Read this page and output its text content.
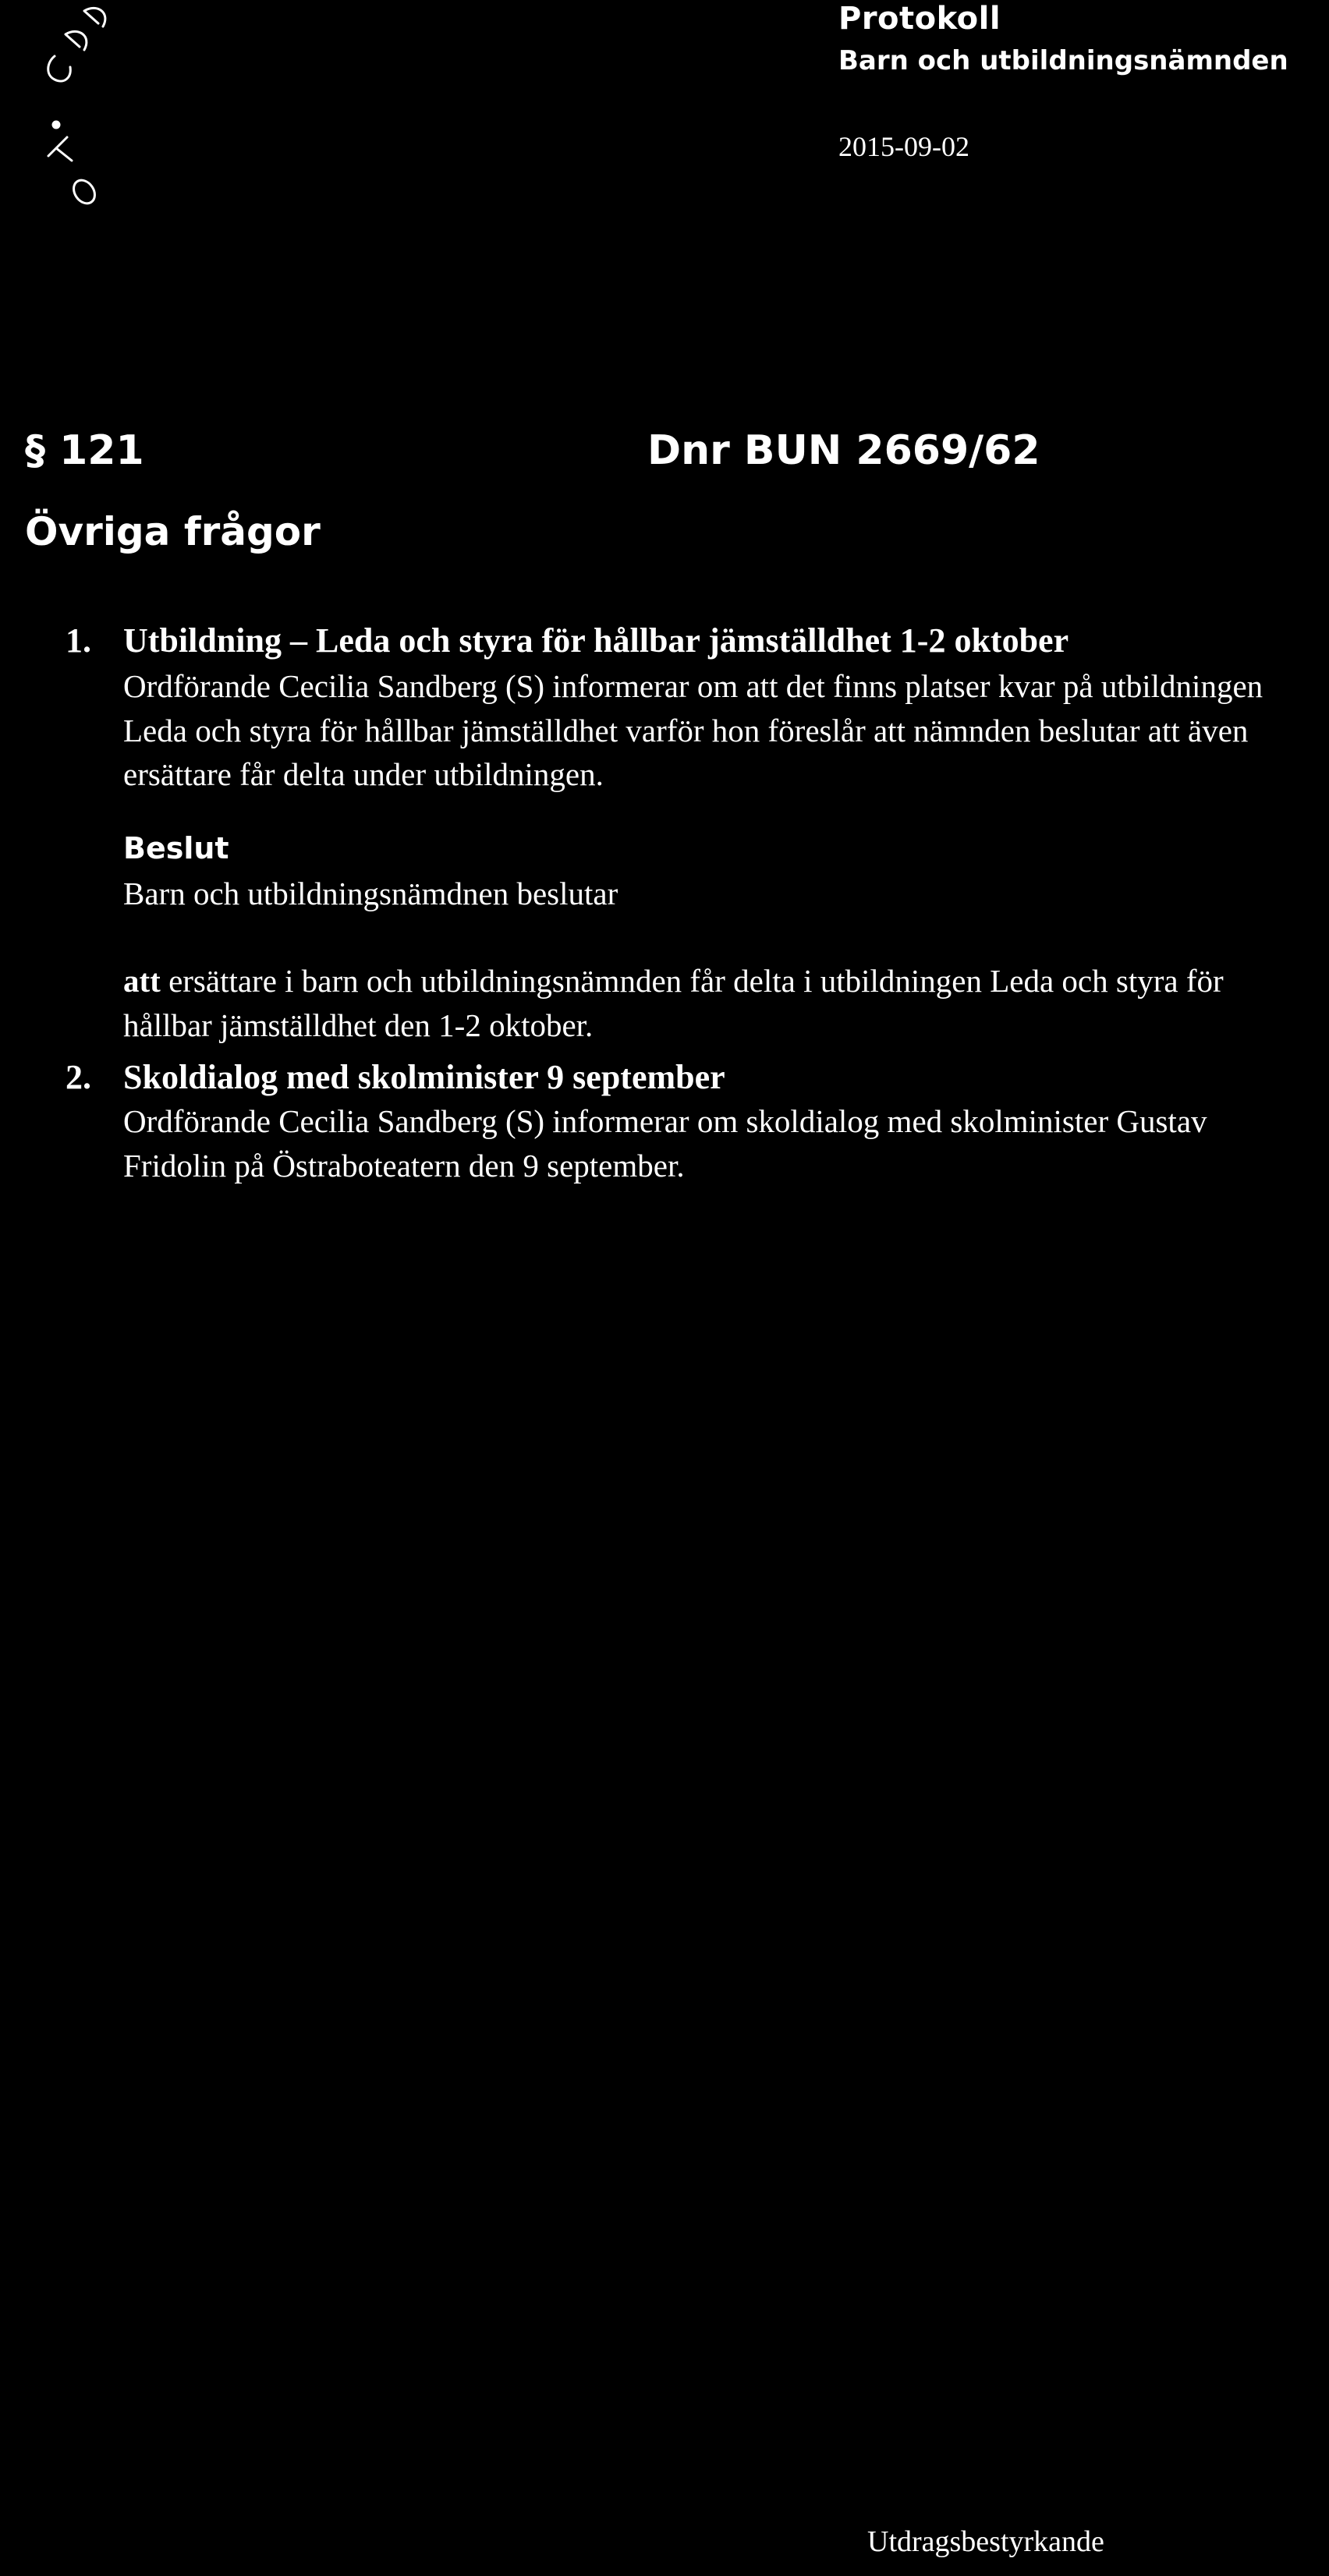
Protokoll
Barn och utbildningsnämnden
2015-09-02
§ 121	Dnr BUN 2669/62
Övriga frågor
1. Utbildning – Leda och styra för hållbar jämställdhet 1-2 oktober
Ordförande Cecilia Sandberg (S) informerar om att det finns platser kvar på utbildningen Leda och styra för hållbar jämställdhet varför hon föreslår att nämnden beslutar att även ersättare får delta under utbildningen.
Beslut
Barn och utbildningsnämdnen beslutar
att ersättare i barn och utbildningsnämnden får delta i utbildningen Leda och styra för hållbar jämställdhet den 1-2 oktober.
2. Skoldialog med skolminister 9 september
Ordförande Cecilia Sandberg (S) informerar om skoldialog med skolminister Gustav Fridolin på Östraboteatern den 9 september.
Utdragsbestyrkande
